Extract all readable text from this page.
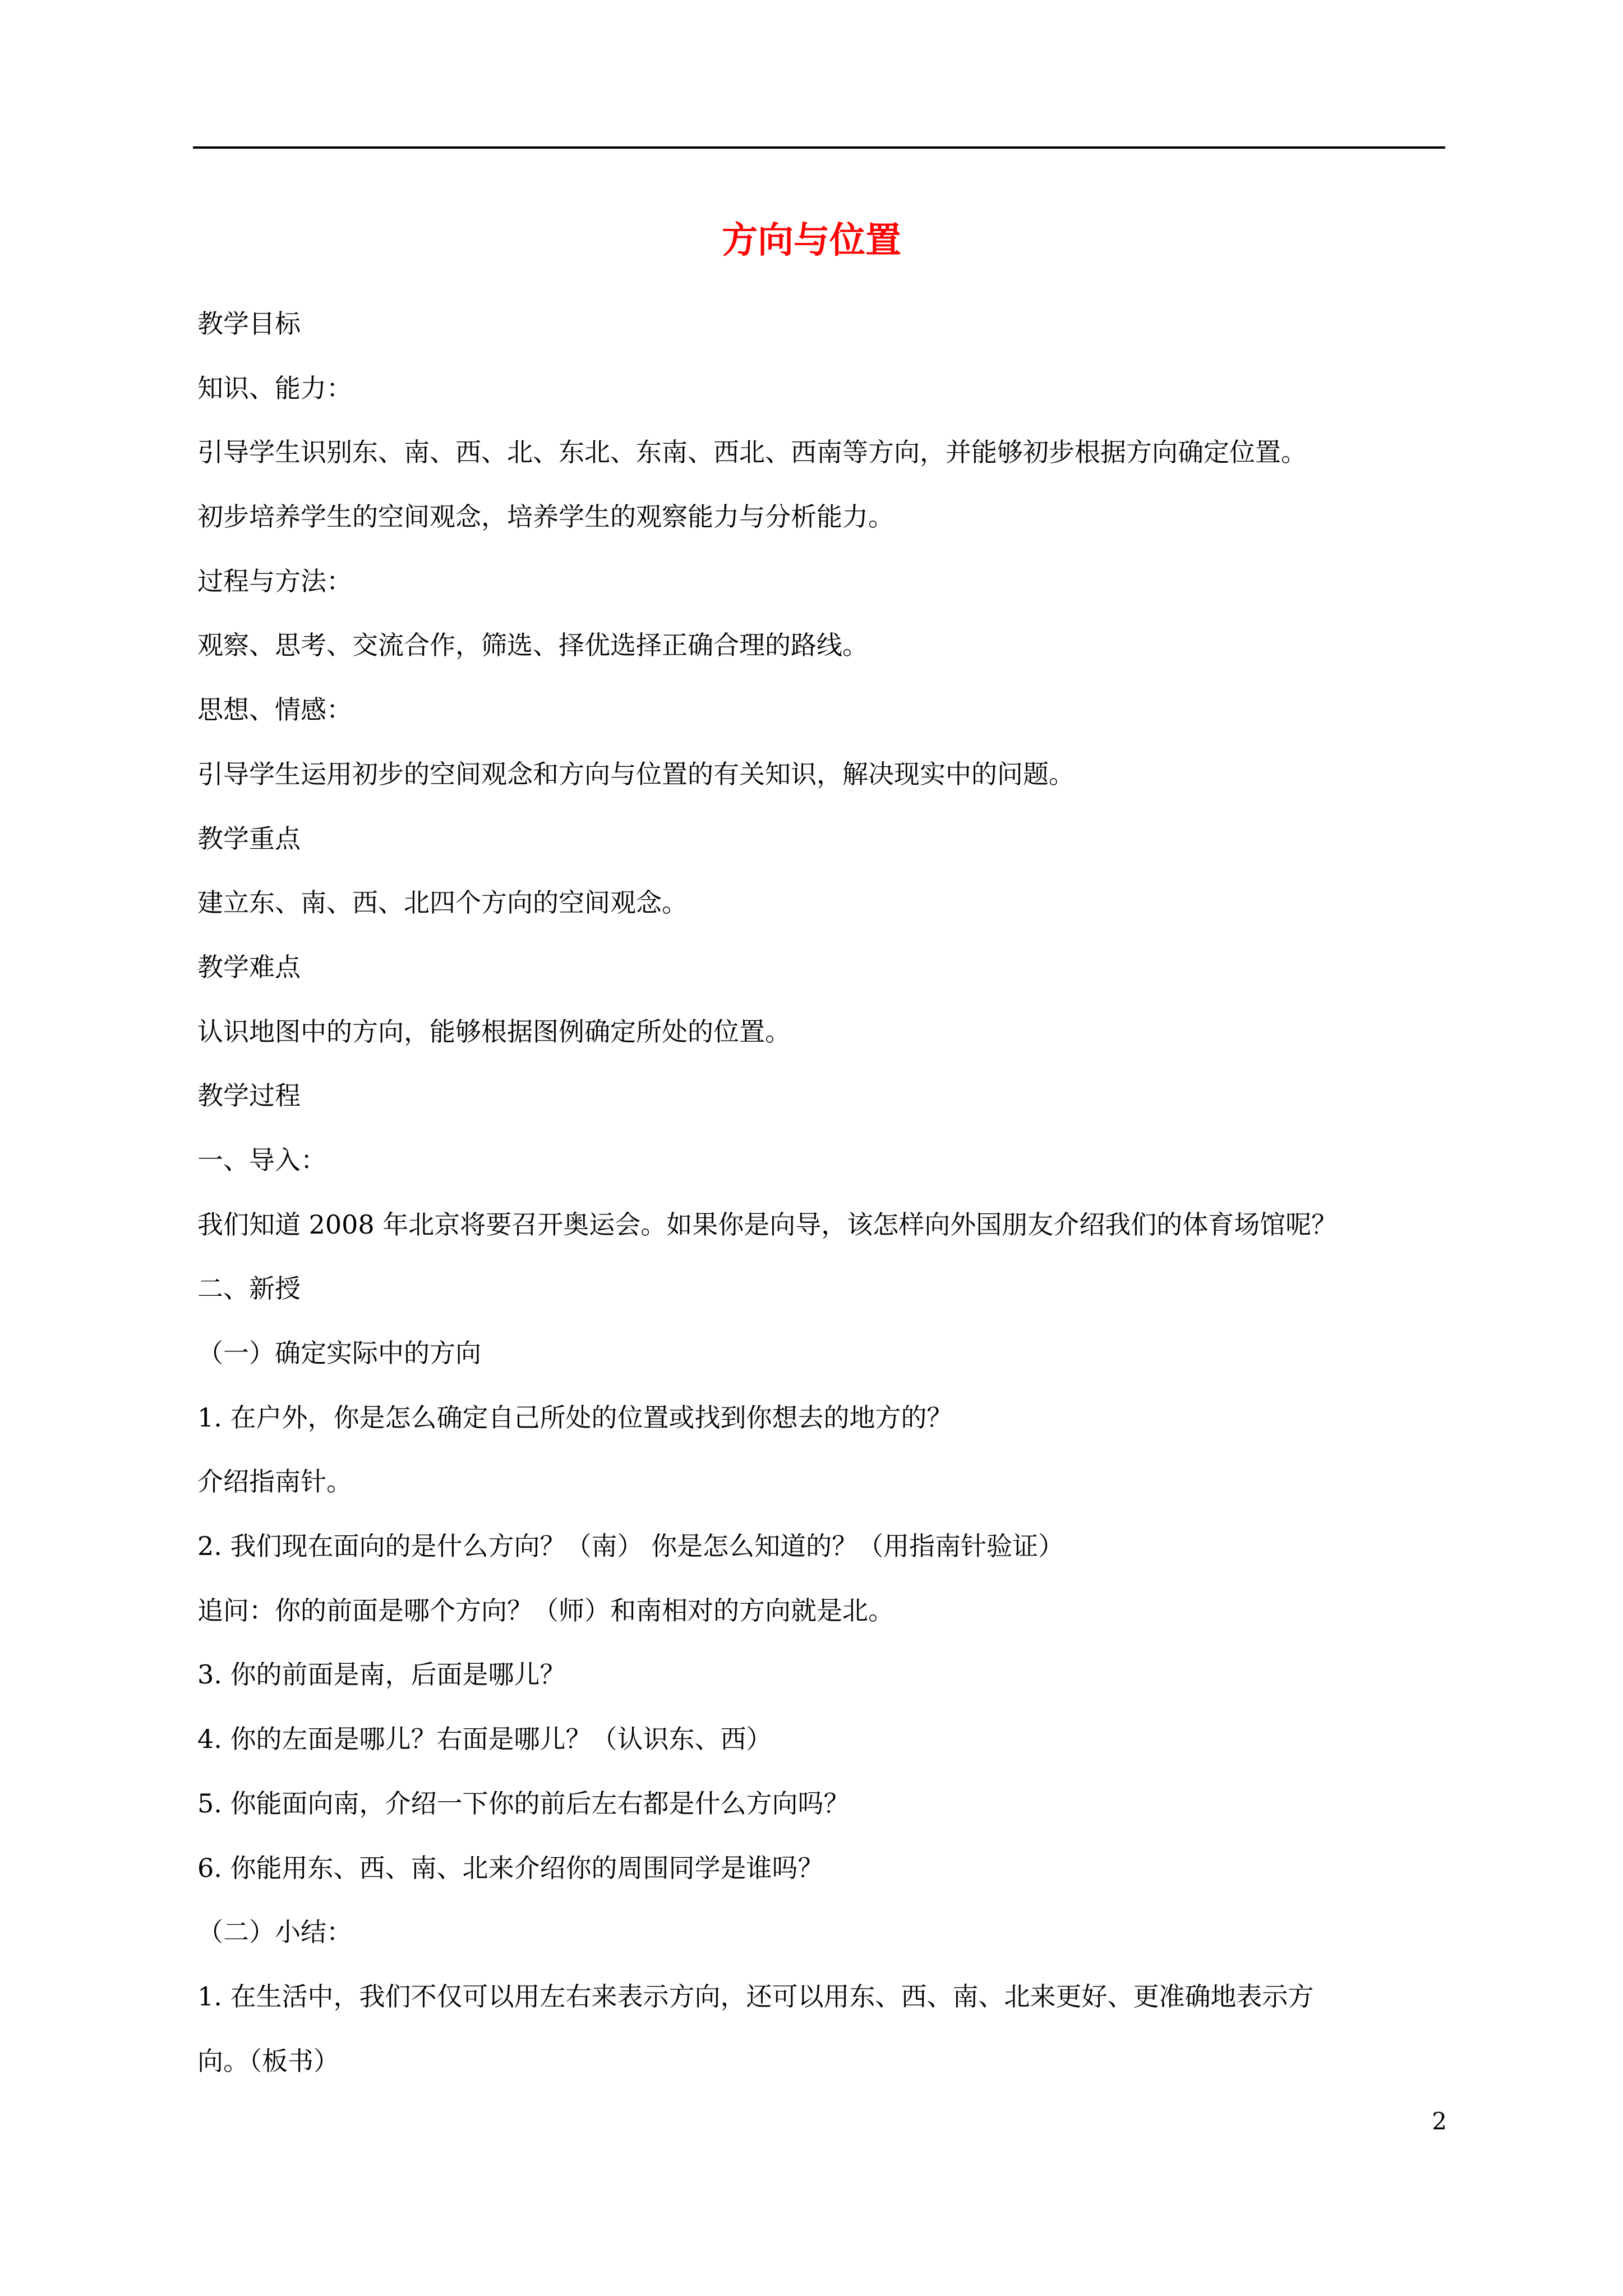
方向与位置

教学目标

知识、能力：

引导学生识别东、南、西、北、东北、东南、西北、西南等方向，并能够初步根据方向确定位置。

初步培养学生的空间观念，培养学生的观察能力与分析能力。

过程与方法：

观察、思考、交流合作，筛选、择优选择正确合理的路线。

思想、情感：

引导学生运用初步的空间观念和方向与位置的有关知识，解决现实中的问题。

教学重点

建立东、南、西、北四个方向的空间观念。

教学难点

认识地图中的方向，能够根据图例确定所处的位置。

教学过程

一、导入：

我们知道 2008 年北京将要召开奥运会。如果你是向导，该怎样向外国朋友介绍我们的体育场馆呢？

二、新授

（一）确定实际中的方向

1. 在户外，你是怎么确定自己所处的位置或找到你想去的地方的？

介绍指南针。

2. 我们现在面向的是什么方向？（南） 你是怎么知道的？（用指南针验证）

追问：你的前面是哪个方向？（师）和南相对的方向就是北。

3. 你的前面是南，后面是哪儿？

4. 你的左面是哪儿？右面是哪儿？（认识东、西）

5. 你能面向南，介绍一下你的前后左右都是什么方向吗？

6. 你能用东、西、南、北来介绍你的周围同学是谁吗？

（二）小结：

1. 在生活中，我们不仅可以用左右来表示方向，还可以用东、西、南、北来更好、更准确地表示方

向。（板书）

2
